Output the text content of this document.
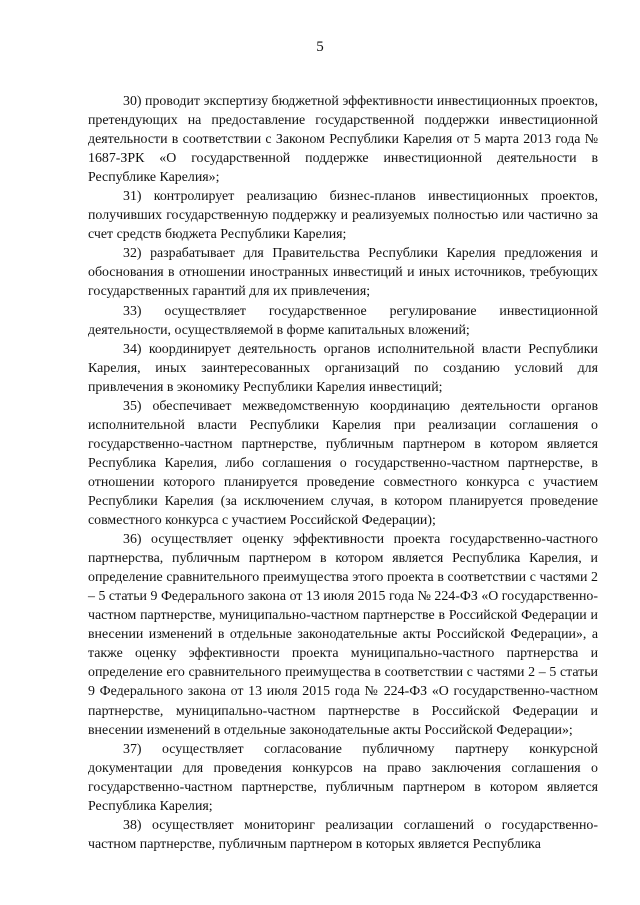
5

30) проводит экспертизу бюджетной эффективности инвестиционных проектов, претендующих на предоставление государственной поддержки инвестиционной деятельности в соответствии с Законом Республики Карелия от 5 марта 2013 года № 1687-ЗРК «О государственной поддержке инвестиционной деятельности в Республике Карелия»;

31) контролирует реализацию бизнес-планов инвестиционных проектов, получивших государственную поддержку и реализуемых полностью или частично за счет средств бюджета Республики Карелия;

32) разрабатывает для Правительства Республики Карелия предложения и обоснования в отношении иностранных инвестиций и иных источников, требующих государственных гарантий для их привлечения;

33) осуществляет государственное регулирование инвестиционной деятельности, осуществляемой в форме капитальных вложений;

34) координирует деятельность органов исполнительной власти Республики Карелия, иных заинтересованных организаций по созданию условий для привлечения в экономику Республики Карелия инвестиций;

35) обеспечивает межведомственную координацию деятельности органов исполнительной власти Республики Карелия при реализации соглашения о государственно-частном партнерстве, публичным партнером в котором является Республика Карелия, либо соглашения о государственно-частном партнерстве, в отношении которого планируется проведение совместного конкурса с участием Республики Карелия (за исключением случая, в котором планируется проведение совместного конкурса с участием Российской Федерации);

36) осуществляет оценку эффективности проекта государственно-частного партнерства, публичным партнером в котором является Республика Карелия, и определение сравнительного преимущества этого проекта в соответствии с частями 2 – 5 статьи 9 Федерального закона от 13 июля 2015 года № 224-ФЗ «О государственно-частном партнерстве, муниципально-частном партнерстве в Российской Федерации и внесении изменений в отдельные законодательные акты Российской Федерации», а также оценку эффективности проекта муниципально-частного партнерства и определение его сравнительного преимущества в соответствии с частями 2 – 5 статьи 9 Федерального закона от 13 июля 2015 года № 224-ФЗ «О государственно-частном партнерстве, муниципально-частном партнерстве в Российской Федерации и внесении изменений в отдельные законодательные акты Российской Федерации»;

37) осуществляет согласование публичному партнеру конкурсной документации для проведения конкурсов на право заключения соглашения о государственно-частном партнерстве, публичным партнером в котором является Республика Карелия;

38) осуществляет мониторинг реализации соглашений о государственно-частном партнерстве, публичным партнером в которых является Республика
